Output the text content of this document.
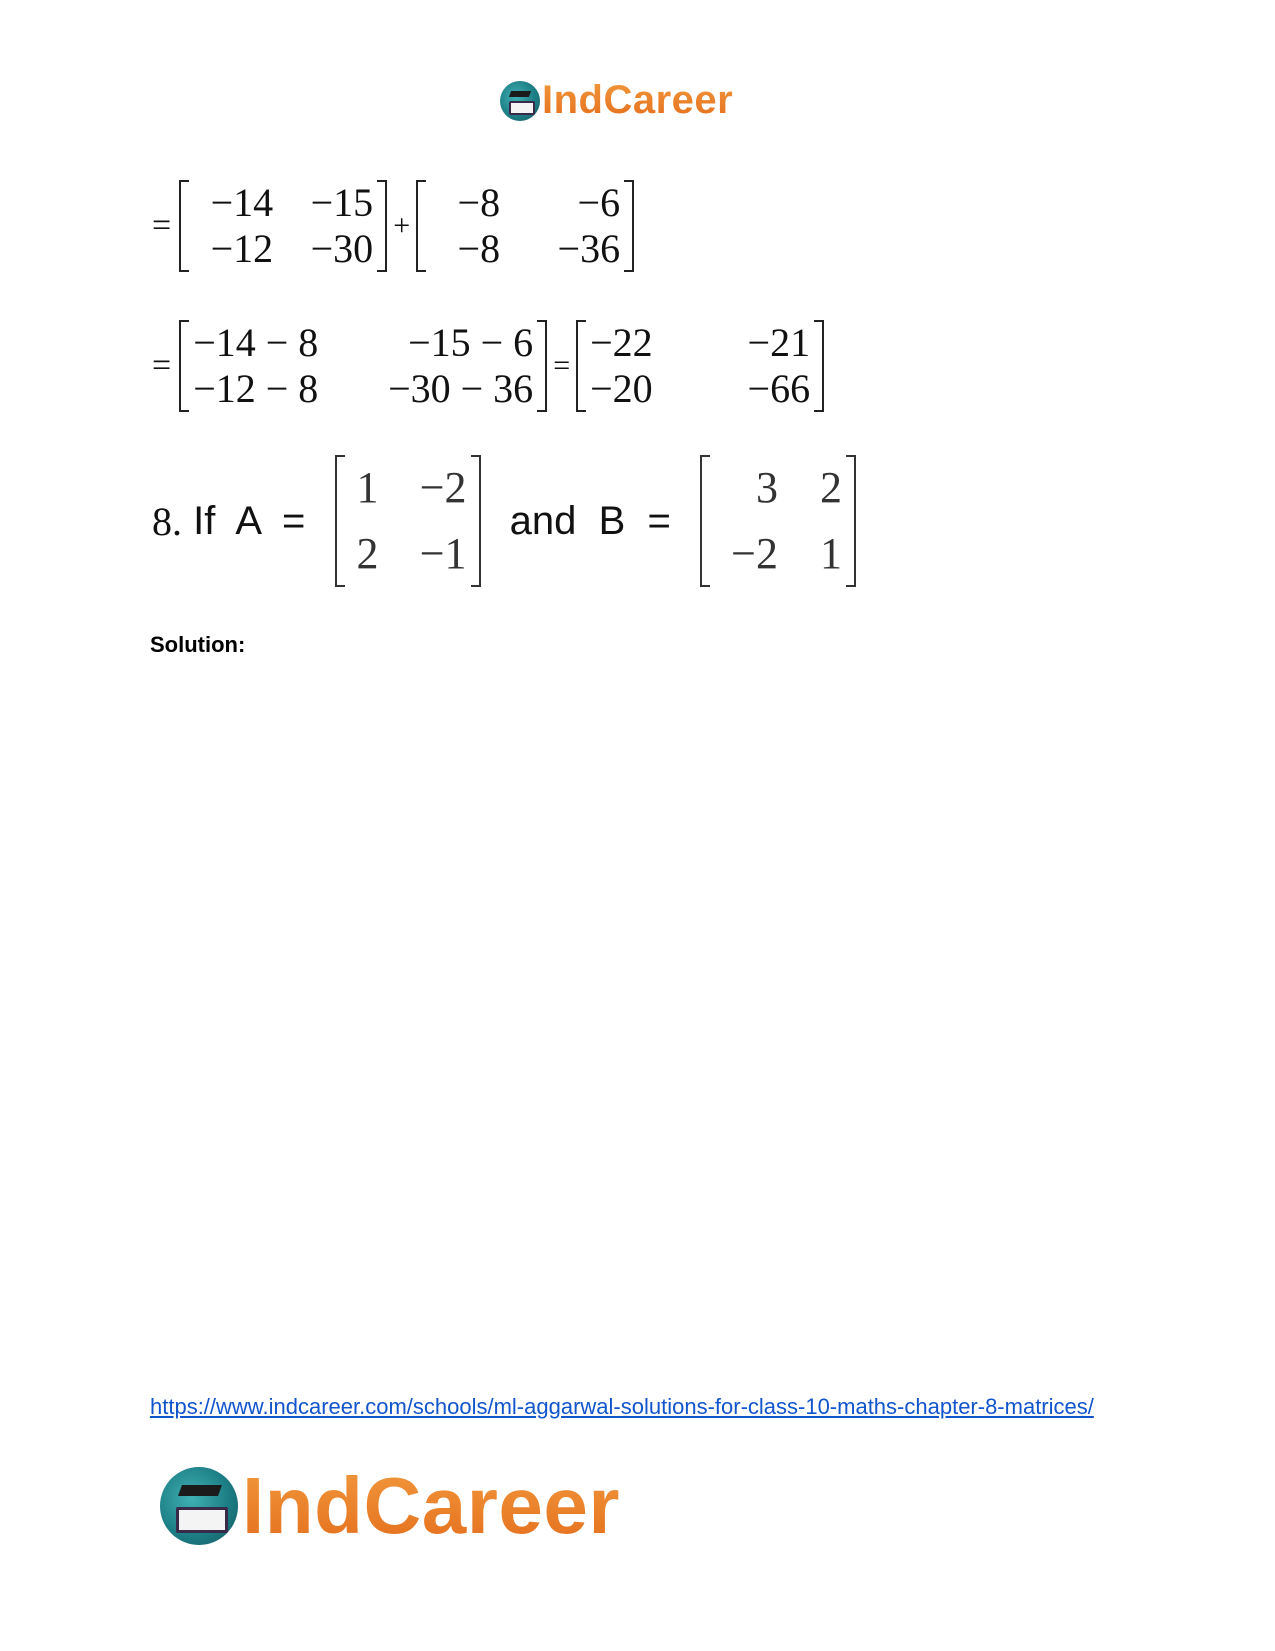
IndCareer
=
−14 −15
−12 −30
+
−8	−6
−8	−36
=
−14 − 8	−15 − 6
−12 − 8	−30 − 36
=
−22	−21
−20	−66
8. If  A  =
1 −2
2 −1
and  B  =
3 2
−2 1
Solution:
https://www.indcareer.com/schools/ml-aggarwal-solutions-for-class-10-maths-chapter-8-matrices/
IndCareer
